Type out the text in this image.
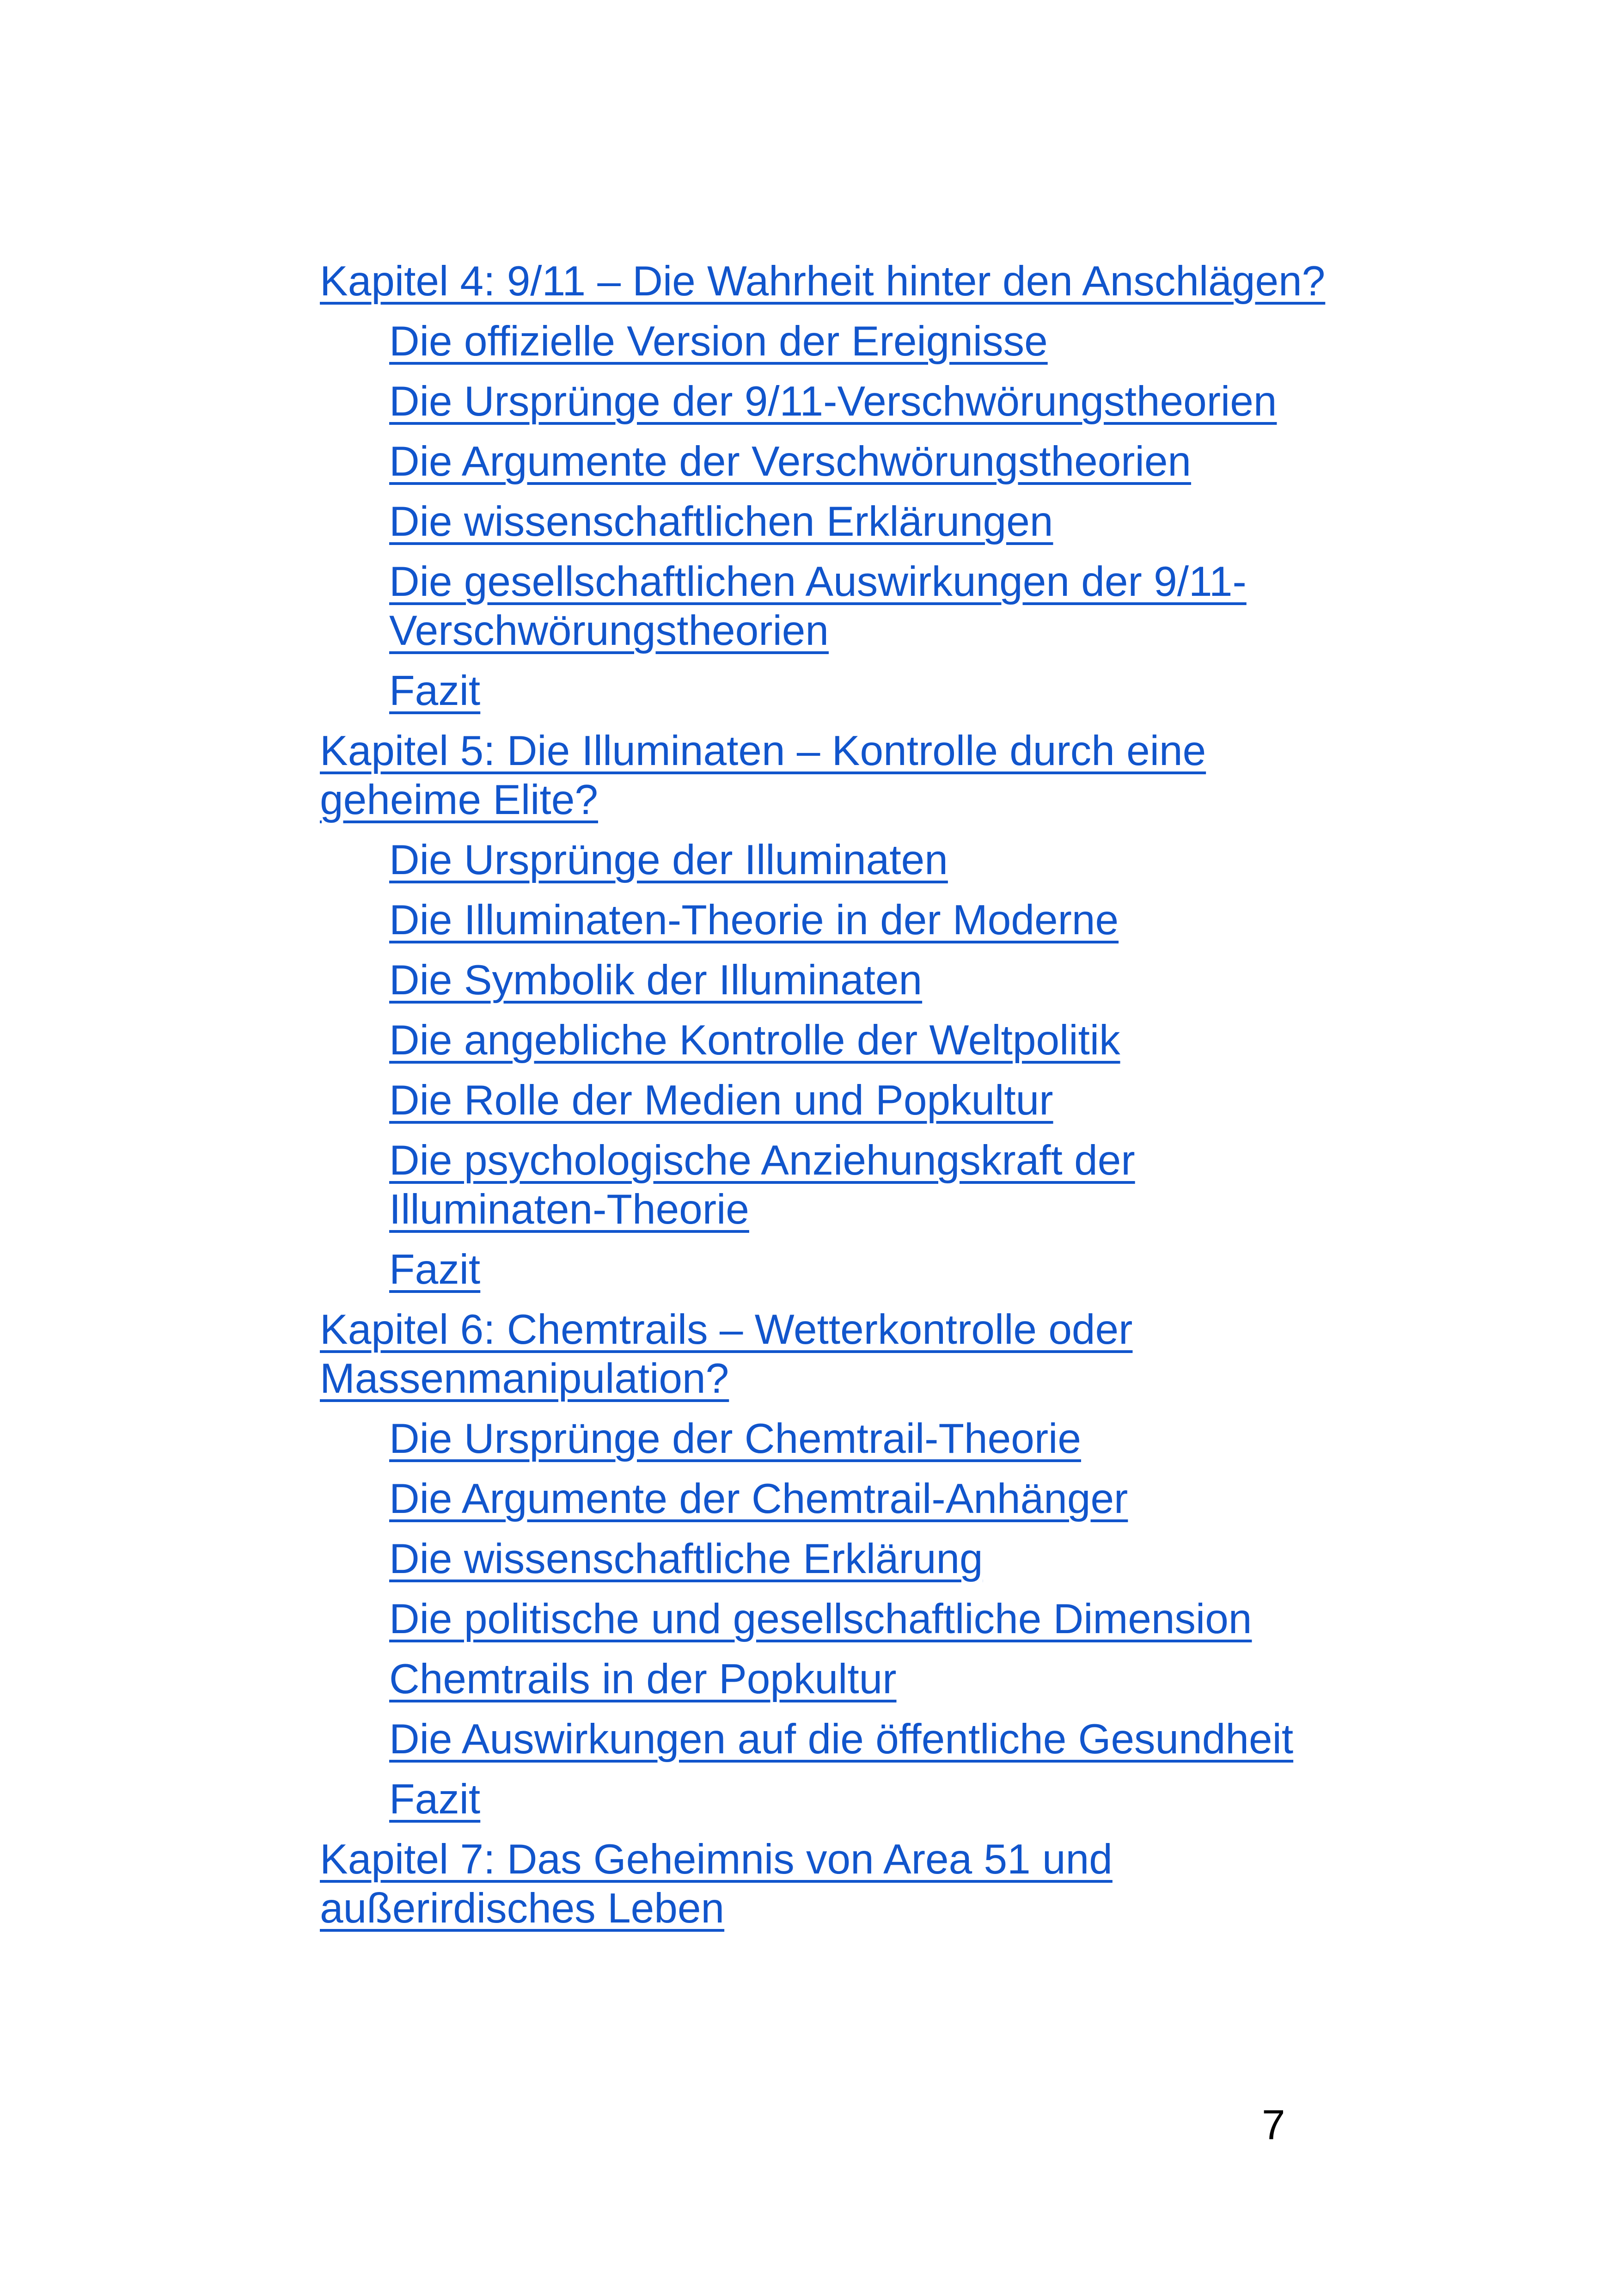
Kapitel 4: 9/11 – Die Wahrheit hinter den Anschlägen?
Die offizielle Version der Ereignisse
Die Ursprünge der 9/11-Verschwörungstheorien
Die Argumente der Verschwörungstheorien
Die wissenschaftlichen Erklärungen
Die gesellschaftlichen Auswirkungen der 9/11-Verschwörungstheorien
Fazit
Kapitel 5: Die Illuminaten – Kontrolle durch eine geheime Elite?
Die Ursprünge der Illuminaten
Die Illuminaten-Theorie in der Moderne
Die Symbolik der Illuminaten
Die angebliche Kontrolle der Weltpolitik
Die Rolle der Medien und Popkultur
Die psychologische Anziehungskraft der Illuminaten-Theorie
Fazit
Kapitel 6: Chemtrails – Wetterkontrolle oder Massenmanipulation?
Die Ursprünge der Chemtrail-Theorie
Die Argumente der Chemtrail-Anhänger
Die wissenschaftliche Erklärung
Die politische und gesellschaftliche Dimension
Chemtrails in der Popkultur
Die Auswirkungen auf die öffentliche Gesundheit
Fazit
Kapitel 7: Das Geheimnis von Area 51 und außerirdisches Leben
7
